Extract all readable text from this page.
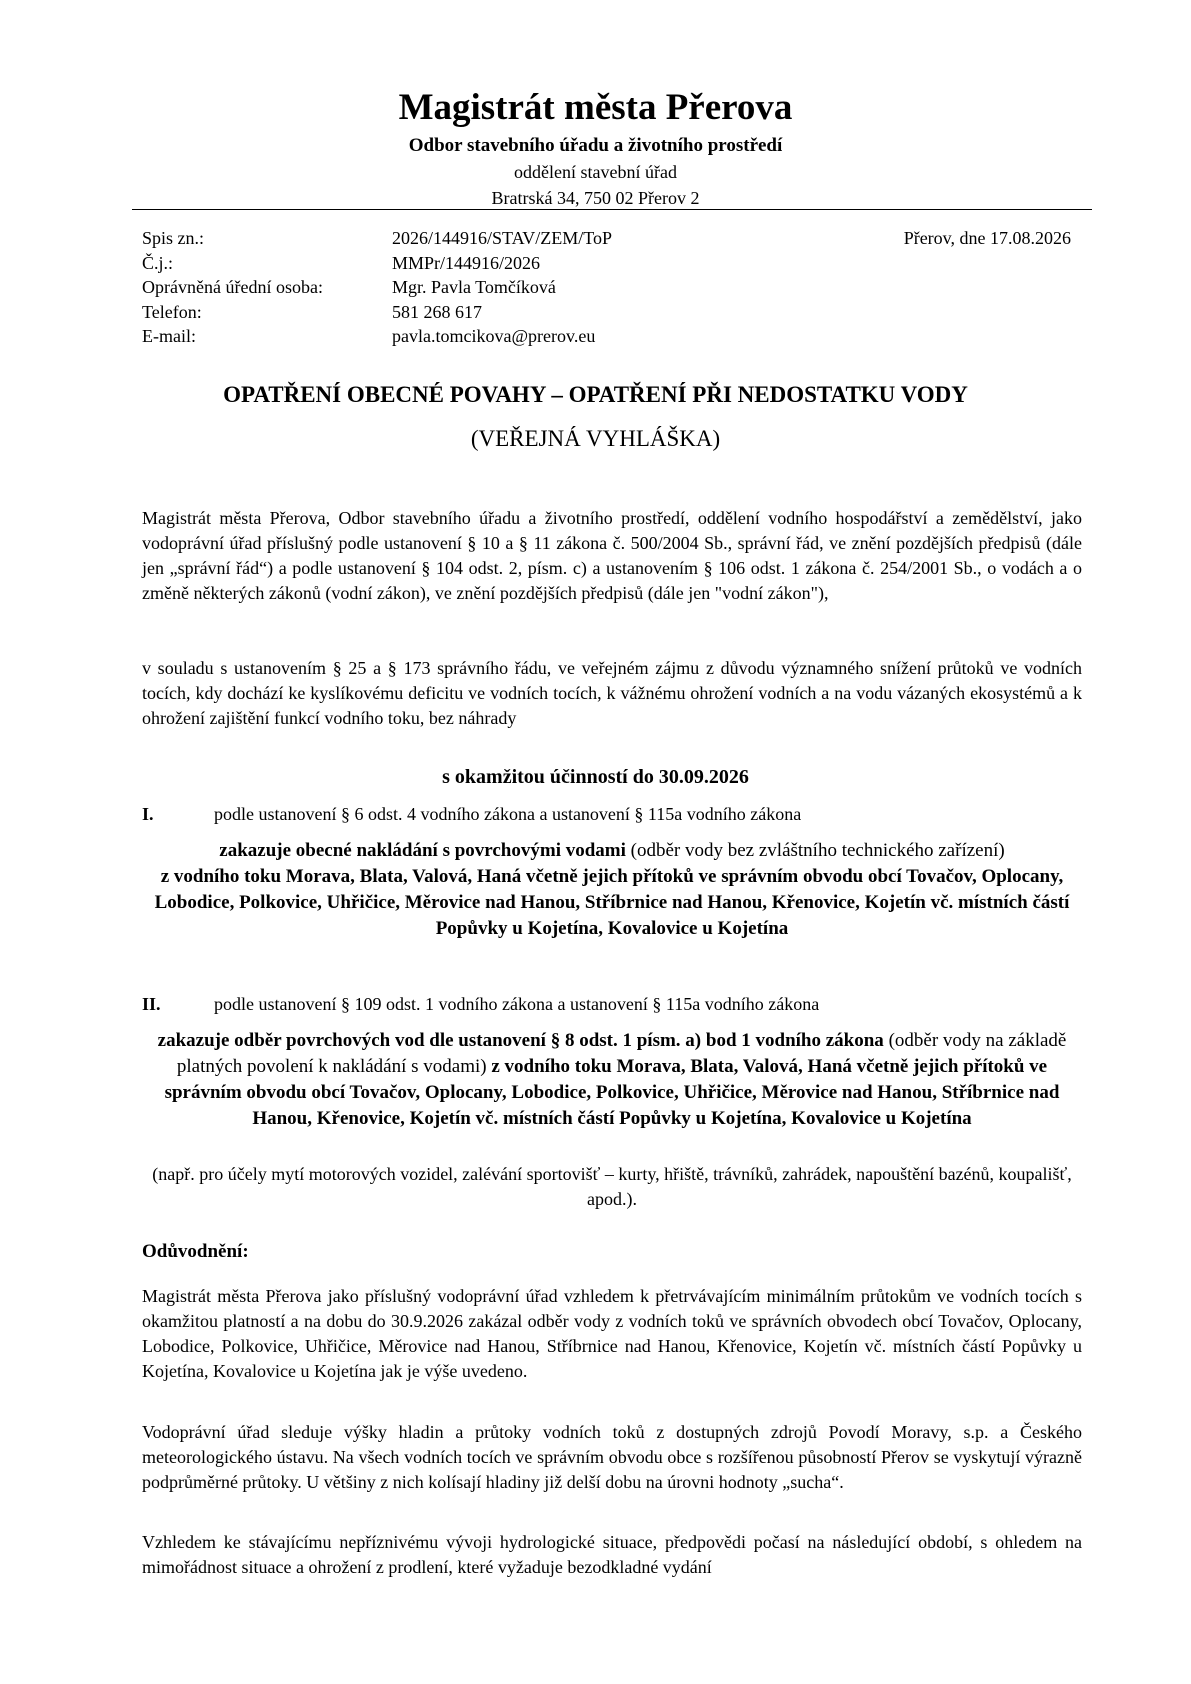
Magistrát města Přerova
Odbor stavebního úřadu a životního prostředí
oddělení stavební úřad
Bratrská 34, 750 02 Přerov 2
Spis zn.:	2026/144916/STAV/ZEM/ToP
Č.j.:	MMPr/144916/2026
Oprávněná úřední osoba:	Mgr. Pavla Tomčíková
Telefon:	581 268 617
E-mail:	pavla.tomcikova@prerov.eu
Přerov, dne 17.08.2026
OPATŘENÍ OBECNÉ POVAHY – OPATŘENÍ PŘI NEDOSTATKU VODY
(VEŘEJNÁ VYHLÁŠKA)
Magistrát města Přerova, Odbor stavebního úřadu a životního prostředí, oddělení vodního hospodářství a zemědělství, jako vodoprávní úřad příslušný podle ustanovení § 10 a § 11 zákona č. 500/2004 Sb., správní řád, ve znění pozdějších předpisů (dále jen „správní řád“) a podle ustanovení § 104 odst. 2, písm. c) a ustanovením § 106 odst. 1 zákona č. 254/2001 Sb., o vodách a o změně některých zákonů (vodní zákon), ve znění pozdějších předpisů (dále jen "vodní zákon"),
v souladu s ustanovením § 25 a § 173 správního řádu, ve veřejném zájmu z důvodu významného snížení průtoků ve vodních tocích, kdy dochází ke kyslíkovému deficitu ve vodních tocích, k vážnému ohrožení vodních a na vodu vázaných ekosystémů a k ohrožení zajištění funkcí vodního toku, bez náhrady
s okamžitou účinností do 30.09.2026
I.	podle ustanovení § 6 odst. 4 vodního zákona a ustanovení § 115a vodního zákona
zakazuje obecné nakládání s povrchovými vodami (odběr vody bez zvláštního technického zařízení)
z vodního toku Morava, Blata, Valová, Haná včetně jejich přítoků ve správním obvodu obcí Tovačov, Oplocany, Lobodice, Polkovice, Uhřičice, Měrovice nad Hanou, Stříbrnice nad Hanou, Křenovice, Kojetín vč. místních částí Popůvky u Kojetína, Kovalovice u Kojetína
II.	podle ustanovení § 109 odst. 1 vodního zákona a ustanovení § 115a vodního zákona
zakazuje odběr povrchových vod dle ustanovení § 8 odst. 1 písm. a) bod 1 vodního zákona (odběr vody na základě platných povolení k nakládání s vodami) z vodního toku Morava, Blata, Valová, Haná včetně jejich přítoků ve správním obvodu obcí Tovačov, Oplocany, Lobodice, Polkovice, Uhřičice, Měrovice nad Hanou, Stříbrnice nad Hanou, Křenovice, Kojetín vč. místních částí Popůvky u Kojetína, Kovalovice u Kojetína
(např. pro účely mytí motorových vozidel, zalévání sportovišť – kurty, hřiště, trávníků, zahrádek, napouštění bazénů, koupališť, apod.).
Odůvodnění:
Magistrát města Přerova jako příslušný vodoprávní úřad vzhledem k přetrvávajícím minimálním průtokům ve vodních tocích s okamžitou platností a na dobu do 30.9.2026 zakázal odběr vody z vodních toků ve správních obvodech obcí Tovačov, Oplocany, Lobodice, Polkovice, Uhřičice, Měrovice nad Hanou, Stříbrnice nad Hanou, Křenovice, Kojetín vč. místních částí Popůvky u Kojetína, Kovalovice u Kojetína jak je výše uvedeno.
Vodoprávní úřad sleduje výšky hladin a průtoky vodních toků z dostupných zdrojů Povodí Moravy, s.p. a Českého meteorologického ústavu. Na všech vodních tocích ve správním obvodu obce s rozšířenou působností Přerov se vyskytují výrazně podprůměrné průtoky. U většiny z nich kolísají hladiny již delší dobu na úrovni hodnoty „sucha“.
Vzhledem ke stávajícímu nepříznivému vývoji hydrologické situace, předpovědi počasí na následující období, s ohledem na mimořádnost situace a ohrožení z prodlení, které vyžaduje bezodkladné vydání
